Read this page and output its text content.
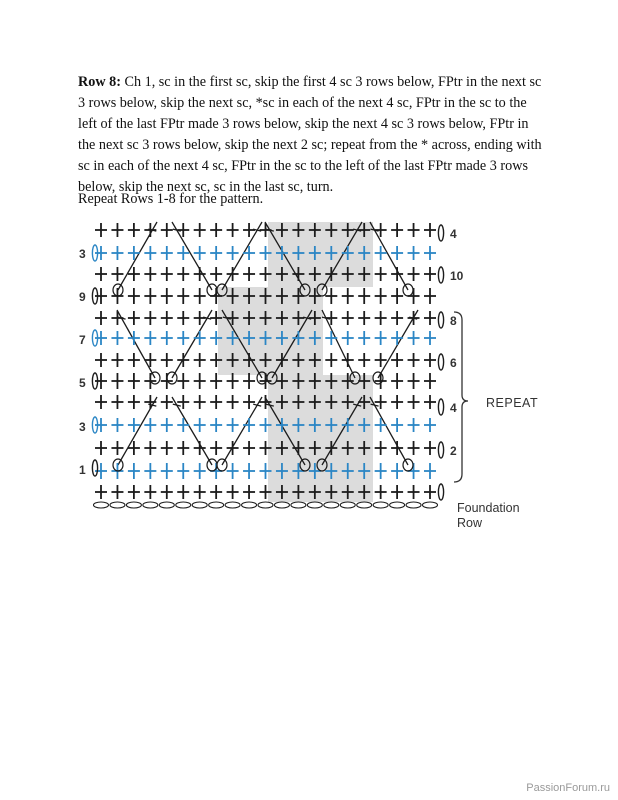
Row 8: Ch 1, sc in the first sc, skip the first 4 sc 3 rows below, FPtr in the next sc 3 rows below, skip the next sc, *sc in each of the next 4 sc, FPtr in the sc to the left of the last FPtr made 3 rows below, skip the next 4 sc 3 rows below, FPtr in the next sc 3 rows below, skip the next 2 sc; repeat from the * across, ending with sc in each of the next 4 sc, FPtr in the sc to the left of the last FPtr made 3 rows below, skip the next sc, sc in the last sc, turn.

Repeat Rows 1-8 for the pattern.

3
9
7
5
3
1
4
10
8
6
4
2
REPEAT
Foundation
Row
PassionForum.ru
